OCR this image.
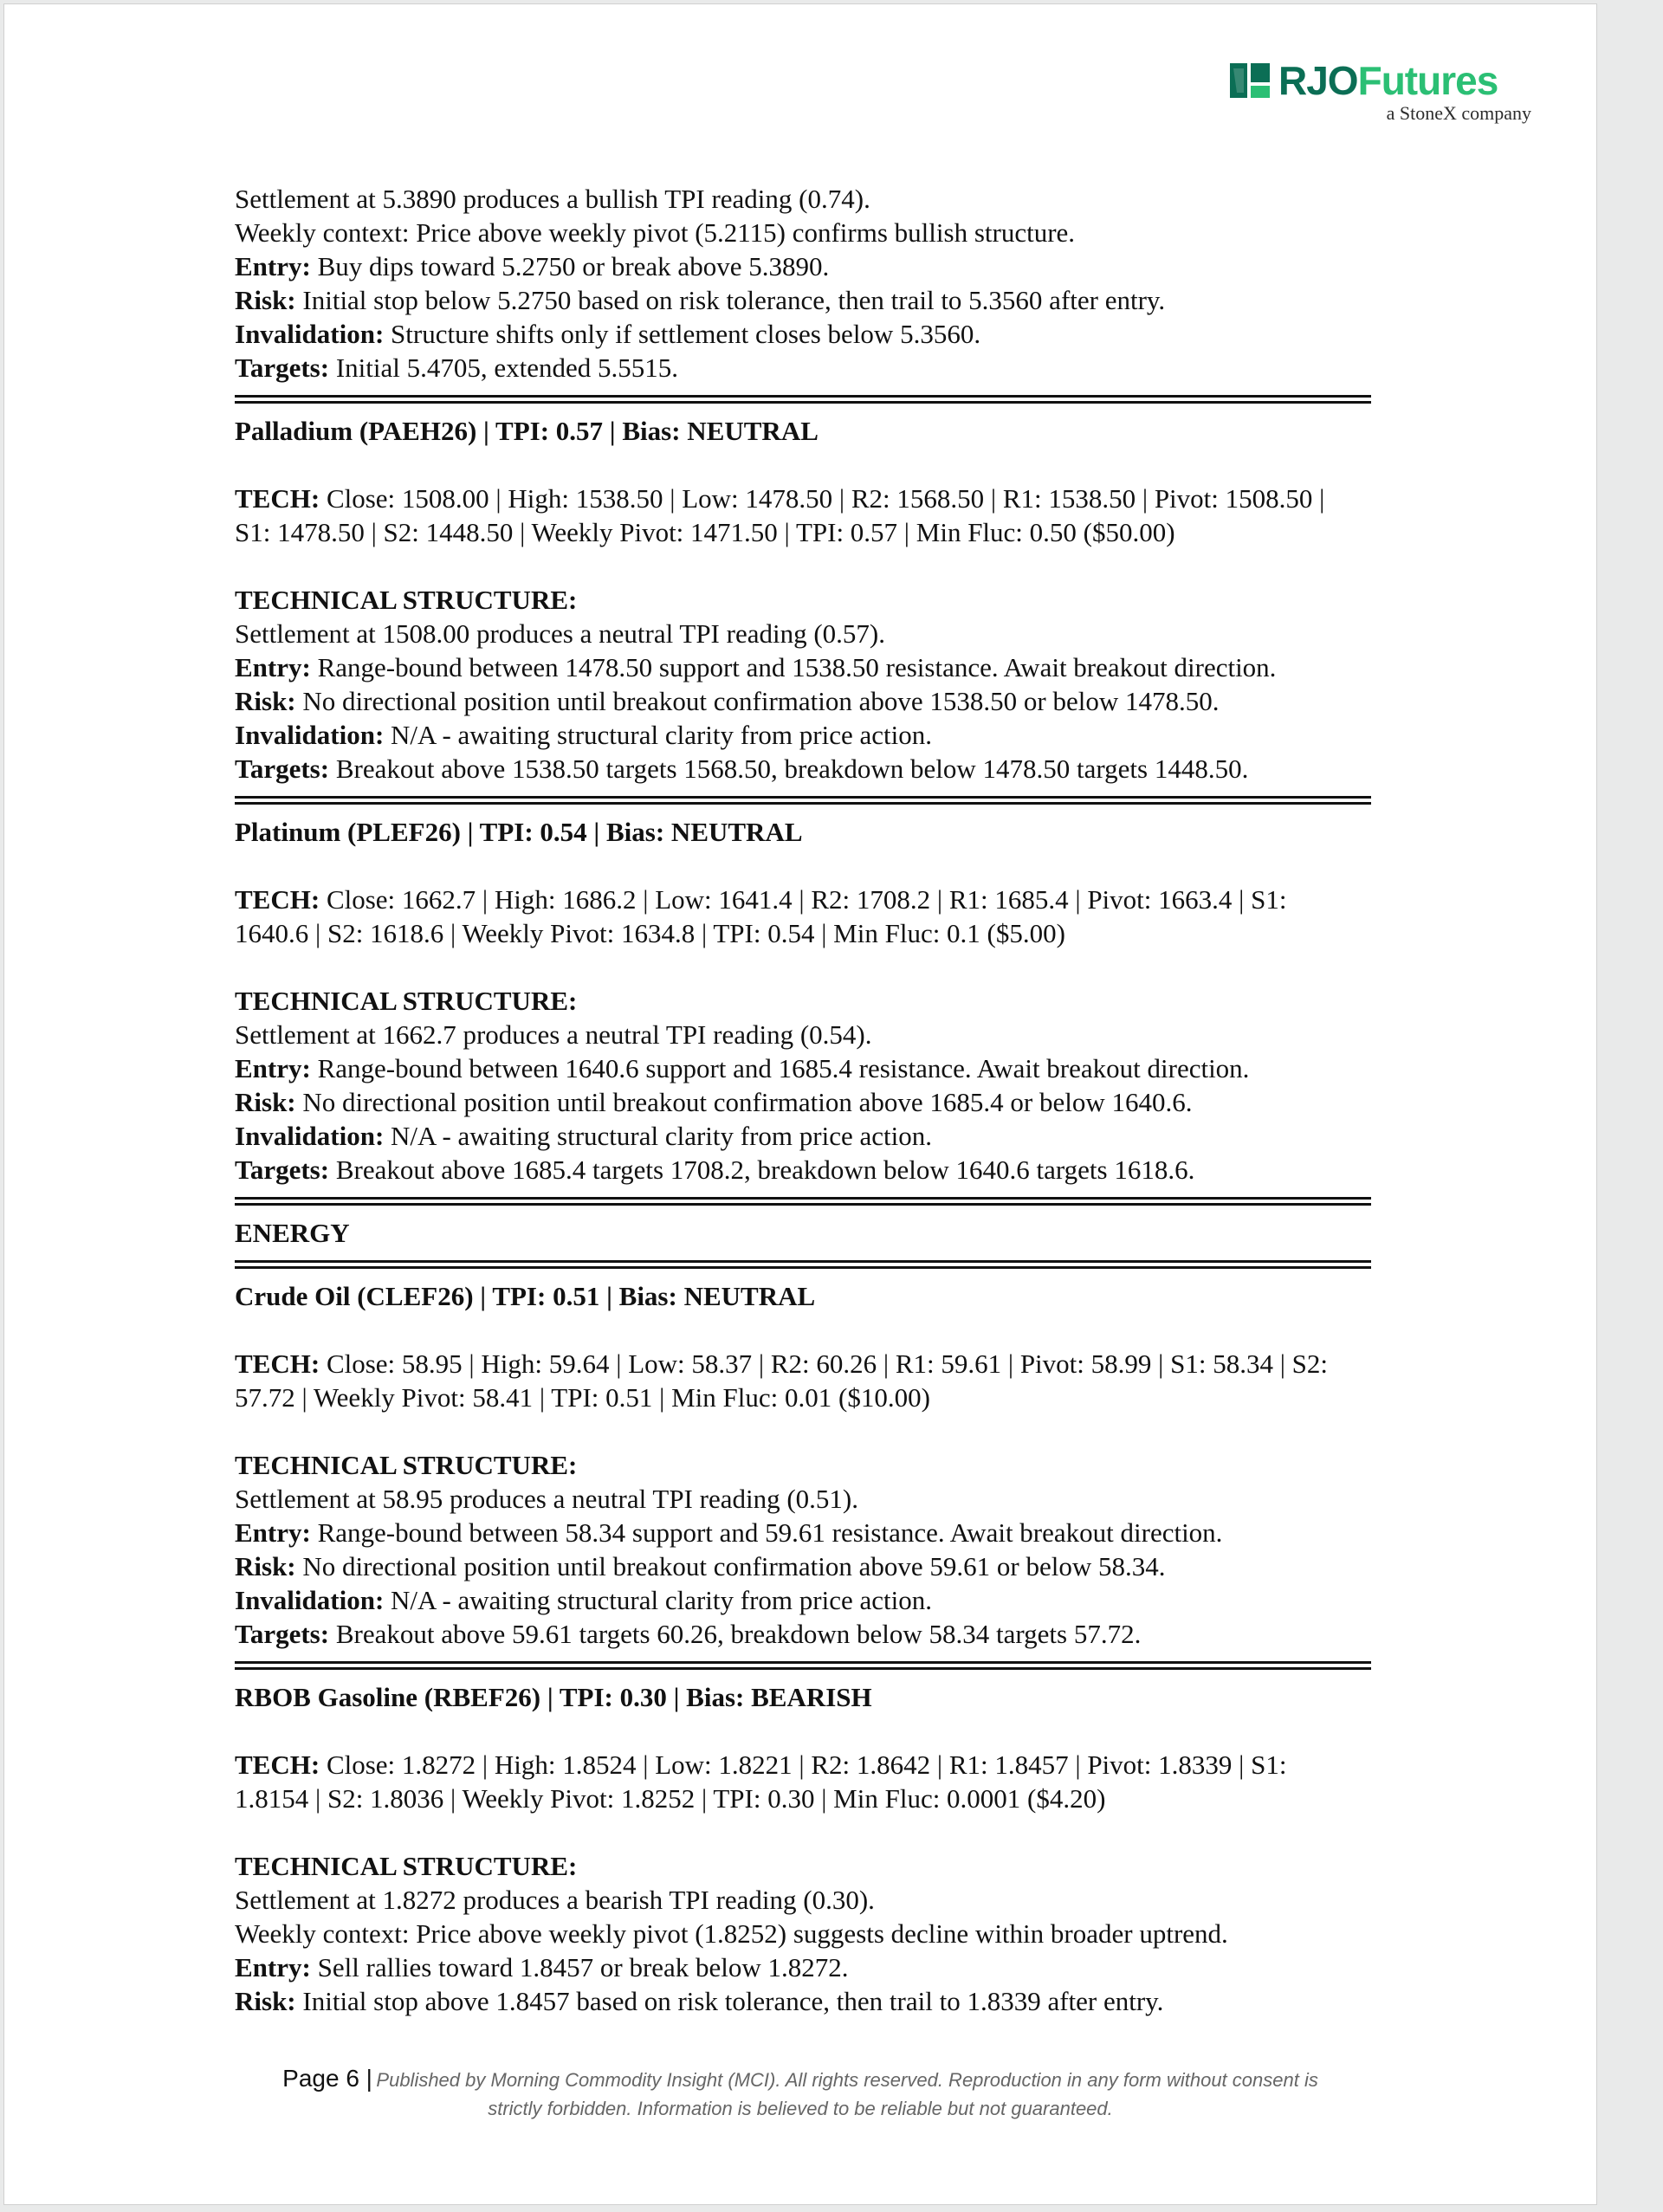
RJOFutures
a StoneX company
Settlement at 5.3890 produces a bullish TPI reading (0.74).
Weekly context: Price above weekly pivot (5.2115) confirms bullish structure.
Entry: Buy dips toward 5.2750 or break above 5.3890.
Risk: Initial stop below 5.2750 based on risk tolerance, then trail to 5.3560 after entry.
Invalidation: Structure shifts only if settlement closes below 5.3560.
Targets: Initial 5.4705, extended 5.5515.
Palladium (PAEH26) | TPI: 0.57 | Bias: NEUTRAL
TECH: Close: 1508.00 | High: 1538.50 | Low: 1478.50 | R2: 1568.50 | R1: 1538.50 | Pivot: 1508.50 |
S1: 1478.50 | S2: 1448.50 | Weekly Pivot: 1471.50 | TPI: 0.57 | Min Fluc: 0.50 ($50.00)
TECHNICAL STRUCTURE:
Settlement at 1508.00 produces a neutral TPI reading (0.57).
Entry: Range-bound between 1478.50 support and 1538.50 resistance. Await breakout direction.
Risk: No directional position until breakout confirmation above 1538.50 or below 1478.50.
Invalidation: N/A - awaiting structural clarity from price action.
Targets: Breakout above 1538.50 targets 1568.50, breakdown below 1478.50 targets 1448.50.
Platinum (PLEF26) | TPI: 0.54 | Bias: NEUTRAL
TECH: Close: 1662.7 | High: 1686.2 | Low: 1641.4 | R2: 1708.2 | R1: 1685.4 | Pivot: 1663.4 | S1:
1640.6 | S2: 1618.6 | Weekly Pivot: 1634.8 | TPI: 0.54 | Min Fluc: 0.1 ($5.00)
TECHNICAL STRUCTURE:
Settlement at 1662.7 produces a neutral TPI reading (0.54).
Entry: Range-bound between 1640.6 support and 1685.4 resistance. Await breakout direction.
Risk: No directional position until breakout confirmation above 1685.4 or below 1640.6.
Invalidation: N/A - awaiting structural clarity from price action.
Targets: Breakout above 1685.4 targets 1708.2, breakdown below 1640.6 targets 1618.6.
ENERGY
Crude Oil (CLEF26) | TPI: 0.51 | Bias: NEUTRAL
TECH: Close: 58.95 | High: 59.64 | Low: 58.37 | R2: 60.26 | R1: 59.61 | Pivot: 58.99 | S1: 58.34 | S2:
57.72 | Weekly Pivot: 58.41 | TPI: 0.51 | Min Fluc: 0.01 ($10.00)
TECHNICAL STRUCTURE:
Settlement at 58.95 produces a neutral TPI reading (0.51).
Entry: Range-bound between 58.34 support and 59.61 resistance. Await breakout direction.
Risk: No directional position until breakout confirmation above 59.61 or below 58.34.
Invalidation: N/A - awaiting structural clarity from price action.
Targets: Breakout above 59.61 targets 60.26, breakdown below 58.34 targets 57.72.
RBOB Gasoline (RBEF26) | TPI: 0.30 | Bias: BEARISH
TECH: Close: 1.8272 | High: 1.8524 | Low: 1.8221 | R2: 1.8642 | R1: 1.8457 | Pivot: 1.8339 | S1:
1.8154 | S2: 1.8036 | Weekly Pivot: 1.8252 | TPI: 0.30 | Min Fluc: 0.0001 ($4.20)
TECHNICAL STRUCTURE:
Settlement at 1.8272 produces a bearish TPI reading (0.30).
Weekly context: Price above weekly pivot (1.8252) suggests decline within broader uptrend.
Entry: Sell rallies toward 1.8457 or break below 1.8272.
Risk: Initial stop above 1.8457 based on risk tolerance, then trail to 1.8339 after entry.
Page 6 | Published by Morning Commodity Insight (MCI). All rights reserved. Reproduction in any form without consent is
strictly forbidden. Information is believed to be reliable but not guaranteed.
